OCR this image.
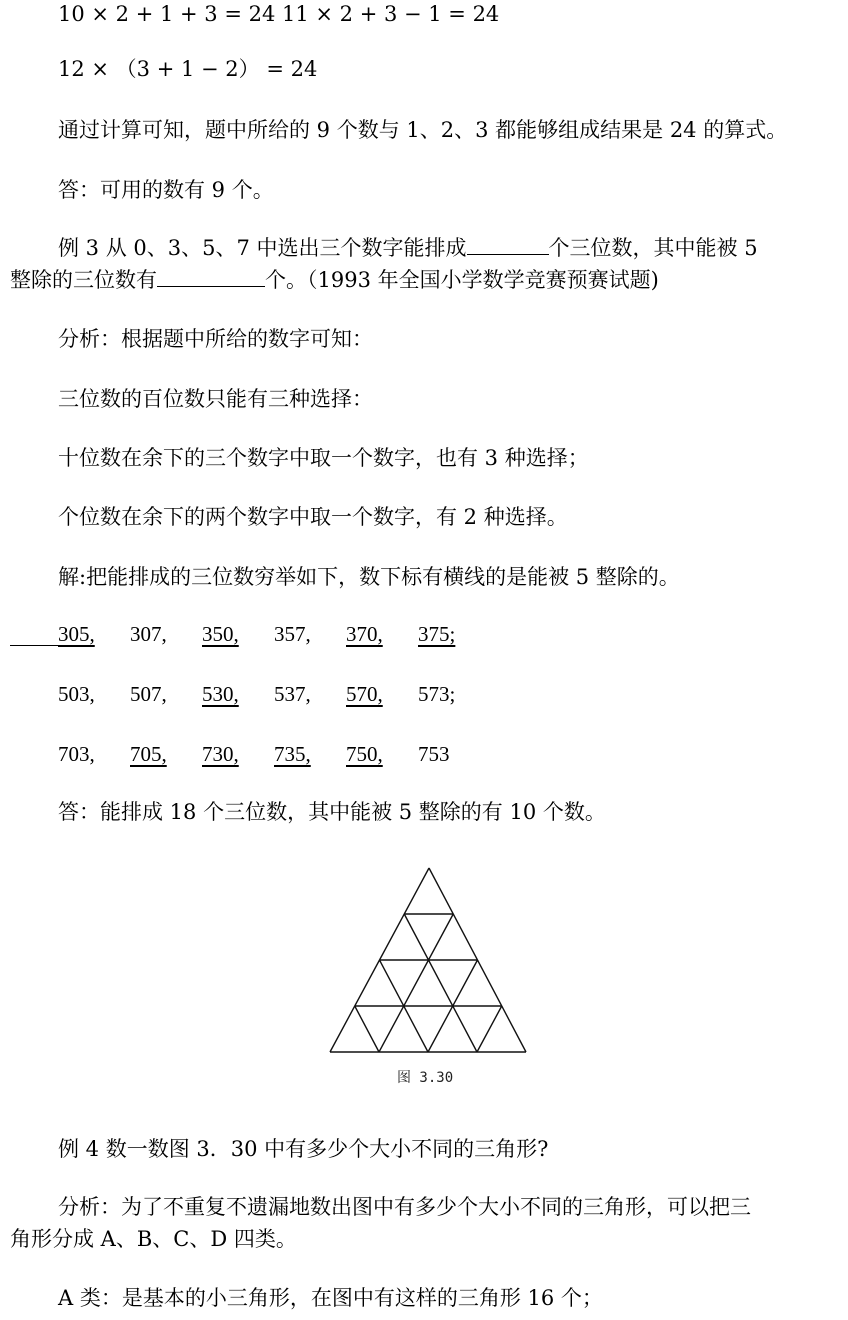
10 × 2 + 1 + 3 = 24 11 × 2 + 3 − 1 = 24
12 × （3 + 1 − 2） = 24
通过计算可知，题中所给的 9 个数与 1、2、3 都能够组成结果是 24 的算式。
答：可用的数有 9 个。
例 3 从 0、3、5、7 中选出三个数字能排成	个三位数，其中能被 5
整除的三位数有	个。（1993 年全国小学数学竞赛预赛试题)
分析：根据题中所给的数字可知：
三位数的百位数只能有三种选择：
十位数在余下的三个数字中取一个数字，也有 3 种选择；
个位数在余下的两个数字中取一个数字，有 2 种选择。
解:把能排成的三位数穷举如下，数下标有横线的是能被 5 整除的。
305, 307, 350, 357, 370, 375;
503, 507, 530, 537, 570, 573;
703, 705, 730, 735, 750, 753
答：能排成 18 个三位数，其中能被 5 整除的有 10 个数。
图 3.30
例 4 数一数图 3．30 中有多少个大小不同的三角形?
分析：为了不重复不遗漏地数出图中有多少个大小不同的三角形，可以把三
角形分成 A、B、C、D 四类。
A 类：是基本的小三角形，在图中有这样的三角形 16 个；
